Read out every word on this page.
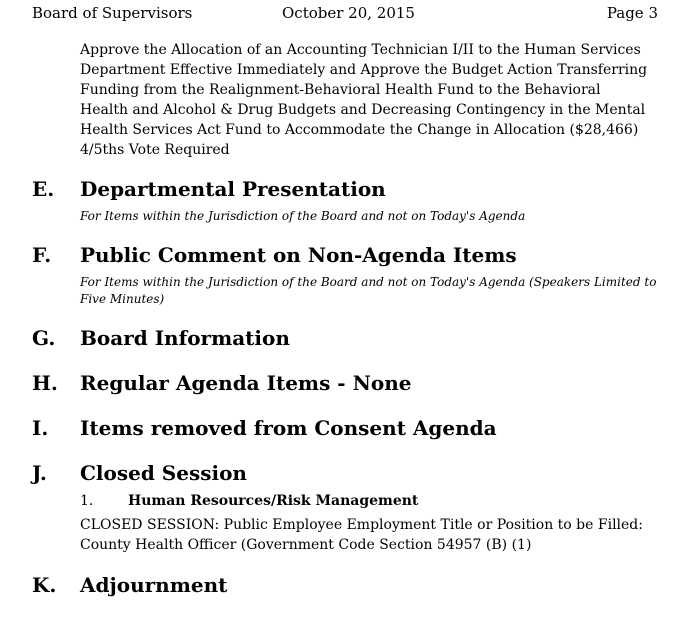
Board of Supervisors	October 20, 2015	Page 3

Approve the Allocation of an Accounting Technician I/II to the Human Services

Department Effective Immediately and Approve the Budget Action Transferring

Funding from the Realignment-Behavioral Health Fund to the Behavioral

Health and Alcohol & Drug Budgets and Decreasing Contingency in the Mental

Health Services Act Fund to Accommodate the Change in Allocation ($28,466)

4/5ths Vote Required

E. Departmental Presentation
For Items within the Jurisdiction of the Board and not on Today's Agenda
F. Public Comment on Non-Agenda Items
For Items within the Jurisdiction of the Board and not on Today's Agenda (Speakers Limited to Five Minutes)
G. Board Information
H. Regular Agenda Items - None
I. Items removed from Consent Agenda
J. Closed Session
1. Human Resources/Risk Management

CLOSED SESSION: Public Employee Employment Title or Position to be Filled:

County Health Officer (Government Code Section 54957 (B) (1)

K. Adjournment
